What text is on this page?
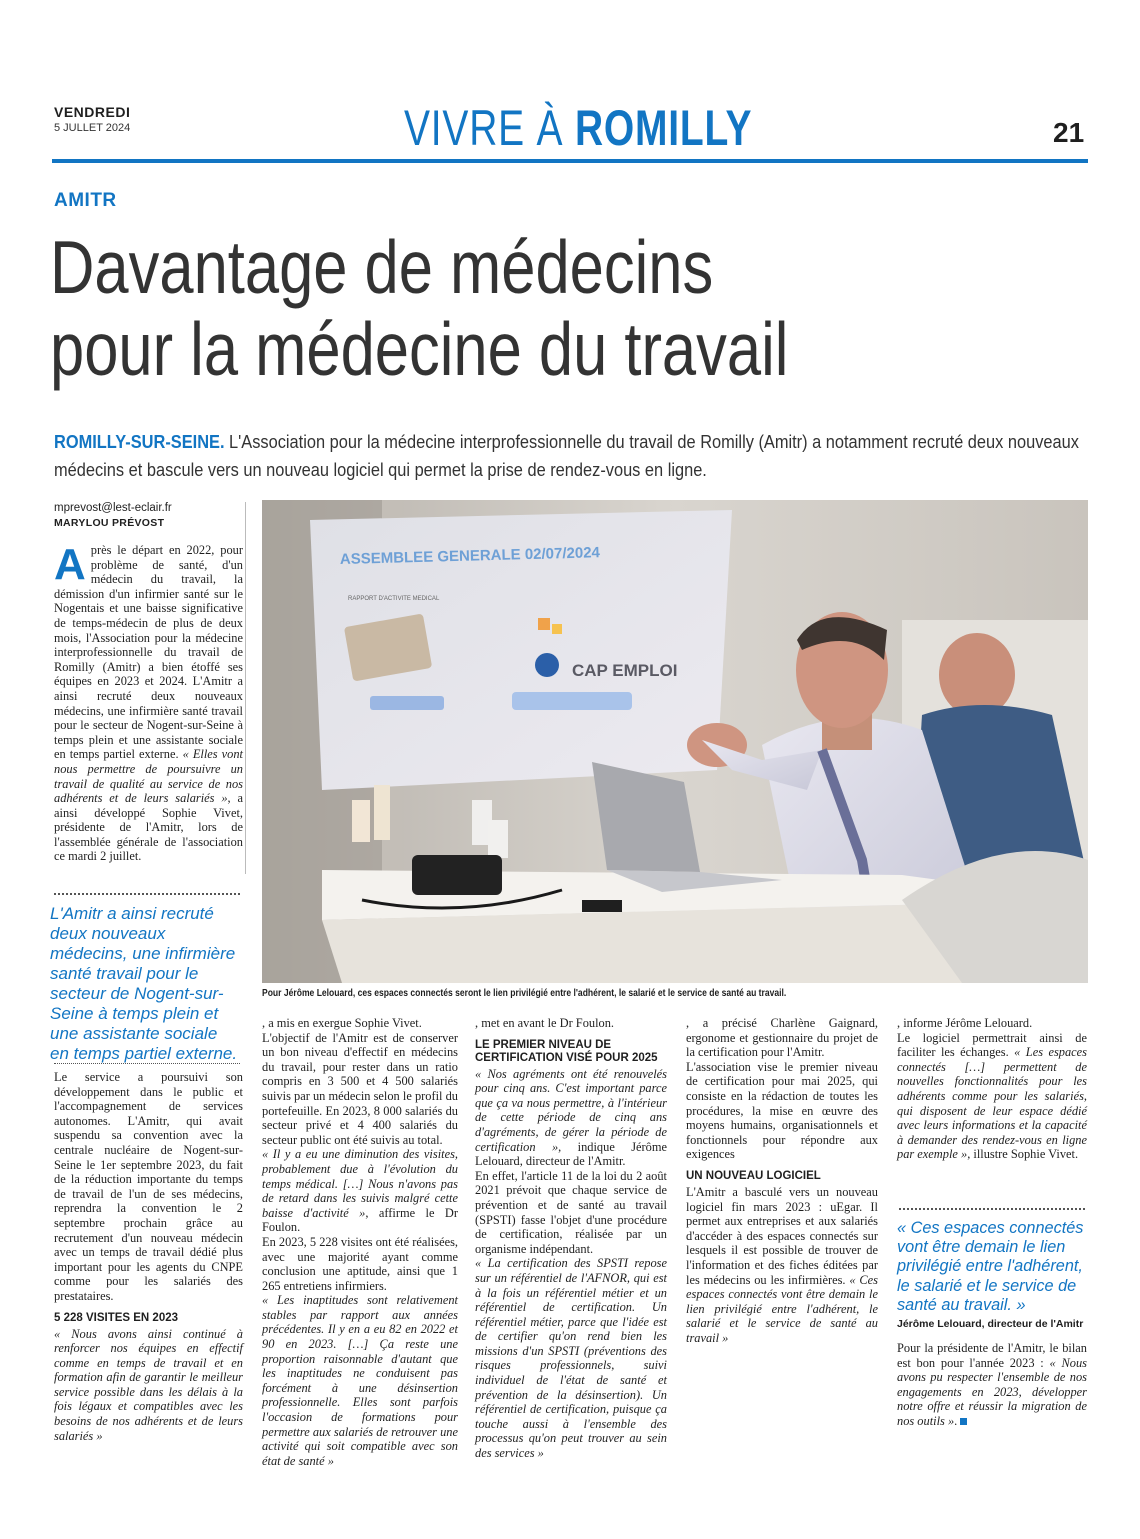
VENDREDI
5 JULLET 2024	VIVRE À ROMILLY	21
AMITR
Davantage de médecins
pour la médecine du travail
ROMILLY-SUR-SEINE. L'Association pour la médecine interprofessionnelle du travail de Romilly (Amitr) a notamment recruté deux nouveaux médecins et bascule vers un nouveau logiciel qui permet la prise de rendez-vous en ligne.
mprevost@lest-eclair.fr
MARYLOU PRÉVOST

Après le départ en 2022, pour problème de santé, d'un médecin du travail, la démission d'un infirmier santé sur le Nogentais et une baisse significative de temps-médecin de plus de deux mois, l'Association pour la médecine interprofessionnelle du travail de Romilly (Amitr) a bien étoffé ses équipes en 2023 et 2024. L'Amitr a ainsi recruté deux nouveaux médecins, une infirmière santé travail pour le secteur de Nogent-sur-Seine à temps plein et une assistante sociale en temps partiel externe. « Elles vont nous permettre de poursuivre un travail de qualité au service de nos adhérents et de leurs salariés », a ainsi développé Sophie Vivet, présidente de l'Amitr, lors de l'assemblée générale de l'association ce mardi 2 juillet.

L'Amitr a ainsi recruté deux nouveaux médecins, une infirmière santé travail pour le secteur de Nogent-sur-Seine à temps plein et une assistante sociale en temps partiel externe.

Le service a poursuivi son développement dans le public et l'accompagnement de services autonomes. L'Amitr, qui avait suspendu sa convention avec la centrale nucléaire de Nogent-sur-Seine le 1er septembre 2023, du fait de la réduction importante du temps de travail de l'un de ses médecins, reprendra la convention le 2 septembre prochain grâce au recrutement d'un nouveau médecin avec un temps de travail dédié plus important pour les agents du CNPE comme pour les salariés des prestataires.

5 228 VISITES EN 2023

« Nous avons ainsi continué à renforcer nos équipes en effectif comme en temps de travail et en formation afin de garantir le meilleur service possible dans les délais à la fois légaux et compatibles avec les besoins de nos adhérents et de leurs salariés »

ASSEMBLEE GENERALE 02/07/2024
RAPPORT D'ACTIVITE MEDICAL
CAP EMPLOI
Pour Jérôme Lelouard, ces espaces connectés seront le lien privilégié entre l'adhérent, le salarié et le service de santé au travail.

, a mis en exergue Sophie Vivet.

L'objectif de l'Amitr est de conserver un bon niveau d'effectif en médecins du travail, pour rester dans un ratio compris en 3 500 et 4 500 salariés suivis par un médecin selon le profil du portefeuille. En 2023, 8 000 salariés du secteur privé et 4 400 salariés du secteur public ont été suivis au total.

« Il y a eu une diminution des visites, probablement due à l'évolution du temps médical. […] Nous n'avons pas de retard dans les suivis malgré cette baisse d'activité », affirme le Dr Foulon.

En 2023, 5 228 visites ont été réalisées, avec une majorité ayant comme conclusion une aptitude, ainsi que 1 265 entretiens infirmiers.

« Les inaptitudes sont relativement stables par rapport aux années précédentes. Il y en a eu 82 en 2022 et 90 en 2023. […] Ça reste une proportion raisonnable d'autant que les inaptitudes ne conduisent pas forcément à une désinsertion professionnelle. Elles sont parfois l'occasion de formations pour permettre aux salariés de retrouver une activité qui soit compatible avec son état de santé »

, met en avant le Dr Foulon.

LE PREMIER NIVEAU DE CERTIFICATION VISÉ POUR 2025

« Nos agréments ont été renouvelés pour cinq ans. C'est important parce que ça va nous permettre, à l'intérieur de cette période de cinq ans d'agréments, de gérer la période de certification », indique Jérôme Lelouard, directeur de l'Amitr.

En effet, l'article 11 de la loi du 2 août 2021 prévoit que chaque service de prévention et de santé au travail (SPSTI) fasse l'objet d'une procédure de certification, réalisée par un organisme indépendant.

« La certification des SPSTI repose sur un référentiel de l'AFNOR, qui est à la fois un référentiel métier et un référentiel de certification. Un référentiel métier, parce que l'idée est de certifier qu'on rend bien les missions d'un SPSTI (préventions des risques professionnels, suivi individuel de l'état de santé et prévention de la désinsertion). Un référentiel de certification, puisque ça touche aussi à l'ensemble des processus qu'on peut trouver au sein des services »

, a précisé Charlène Gaignard, ergonome et gestionnaire du projet de la certification pour l'Amitr.

L'association vise le premier niveau de certification pour mai 2025, qui consiste en la rédaction de toutes les procédures, la mise en œuvre des moyens humains, organisationnels et fonctionnels pour répondre aux exigences

UN NOUVEAU LOGICIEL

L'Amitr a basculé vers un nouveau logiciel fin mars 2023 : uEgar. Il permet aux entreprises et aux salariés d'accéder à des espaces connectés sur lesquels il est possible de trouver de l'information et des fiches éditées par les médecins ou les infirmières. « Ces espaces connectés vont être demain le lien privilégié entre l'adhérent, le salarié et le service de santé au travail »

, informe Jérôme Lelouard.

Le logiciel permettrait ainsi de faciliter les échanges. « Les espaces connectés […] permettent de nouvelles fonctionnalités pour les adhérents comme pour les salariés, qui disposent de leur espace dédié avec leurs informations et la capacité à demander des rendez-vous en ligne par exemple », illustre Sophie Vivet.

« Ces espaces connectés vont être demain le lien privilégié entre l'adhérent, le salarié et le service de santé au travail. »
Jérôme Lelouard, directeur de l'Amitr

Pour la présidente de l'Amitr, le bilan est bon pour l'année 2023 : « Nous avons pu respecter l'ensemble de nos engagements en 2023, développer notre offre et réussir la migration de nos outils ».
